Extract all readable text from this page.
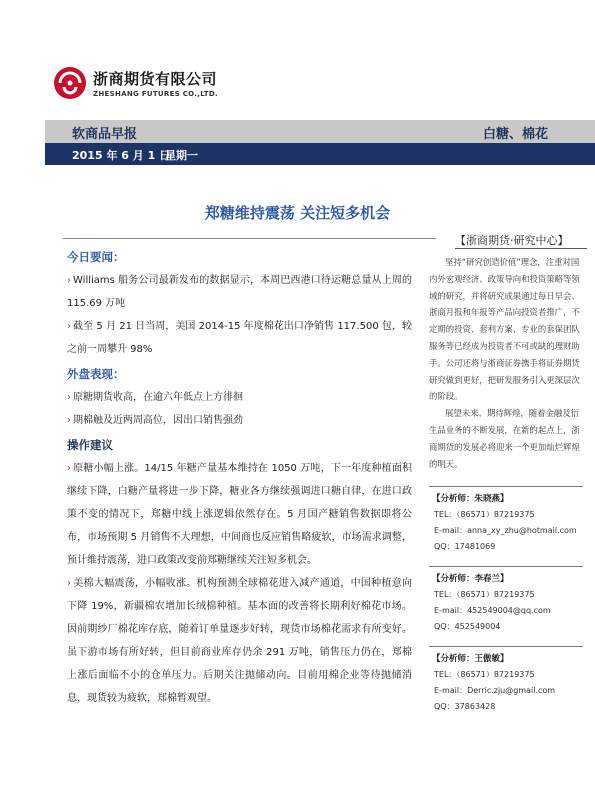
浙商期货有限公司
ZHESHANG FUTURES CO.,LTD.
软商品早报	白糖、棉花
2015 年 6 月 1 日
星期一
郑糖维持震荡 关注短多机会
今日要闻：

› Williams 船务公司最新发布的数据显示，本周巴西港口待运糖总量从上周的 115.69 万吨

› 截至 5 月 21 日当周，美国 2014-15 年度棉花出口净销售 117.500 包，较之前一周攀升 98%

外盘表现：

› 原糖期货收高，在逾六年低点上方徘徊

› 期棉触及近两周高位，因出口销售强劲

操作建议

› 原糖小幅上涨。14/15 年糖产量基本维持在 1050 万吨，下一年度种植面积继续下降，白糖产量将进一步下降，糖业各方继续强调进口糖自律，在进口政策不变的情况下，郑糖中线上涨逻辑依然存在。5 月国产糖销售数据即将公布，市场预期 5 月销售不大理想，中间商也反应销售略疲软，市场需求调整，预计维持震荡，进口政策改变前郑糖继续关注短多机会。

› 美棉大幅震荡，小幅收涨。机构预测全球棉花进入减产通道，中国种植意向下降 19%，新疆棉农增加长绒棉种植。基本面的改善将长期利好棉花市场。因前期纱厂棉花库存底，随着订单量逐步好转，现货市场棉花需求有所变好。虽下游市场有所好转，但目前商业库存仍余 291 万吨，销售压力仍在，郑棉上涨后面临不小的仓单压力。后期关注抛储动向。目前用棉企业等待抛储消息，现货较为疲软，郑棉暂观望。

【浙商期货·研究中心】

坚持“研究创造价值”理念，注重对国内外宏观经济、政策导向和投资策略等领域的研究，并将研究成果通过每日早会、浙商月报和年报等产品向投资者推广，不定期的投资、套利方案、专业的套保团队服务等已经成为投资者不可或缺的理财助手。公司还将与浙商证券携手将证券期货研究做到更好，把研发服务引入更深层次的阶段。

展望未来、期待辉煌，随着金融及衍生品业务的不断发展，在新的起点上，浙商期货的发展必将迎来一个更加灿烂辉煌的明天。

【分析师：朱晓燕】
TEL：（86571）87219375
E-mail：anna_xy_zhu@hotmail.com
QQ：17481069
【分析师：李春兰】
TEL：（86571）87219375
E-mail：452549004@qq.com
QQ：452549004
【分析师：王傲敏】
TEL：（86571）87219375
E-mail：Derric.zju@gmail.com
QQ：37863428
